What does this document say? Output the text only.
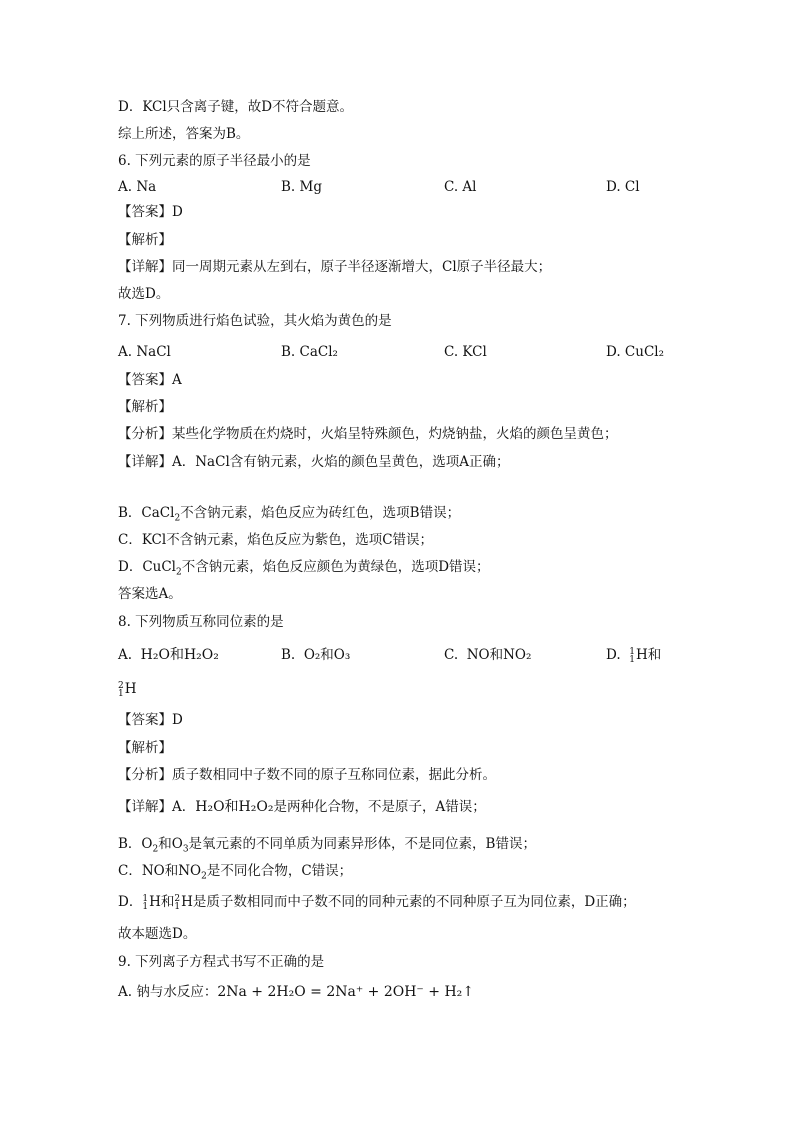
D．KCl只含离子键，故D不符合题意。
综上所述，答案为B。
6. 下列元素的原子半径最小的是
A. Na	B. Mg	C. Al	D. Cl
【答案】D
【解析】
【详解】同一周期元素从左到右，原子半径逐渐增大，Cl原子半径最大；
故选D。
7. 下列物质进行焰色试验，其火焰为黄色的是
A. NaCl	B. CaCl₂	C. KCl	D. CuCl₂
【答案】A
【解析】
【分析】某些化学物质在灼烧时，火焰呈特殊颜色，灼烧钠盐，火焰的颜色呈黄色；
【详解】A．NaCl含有钠元素，火焰的颜色呈黄色，选项A正确；
B．CaCl$_2$不含钠元素，焰色反应为砖红色，选项B错误；
C．KCl不含钠元素，焰色反应为紫色，选项C错误；
D．CuCl$_2$不含钠元素，焰色反应颜色为黄绿色，选项D错误；
答案选A。
8. 下列物质互称同位素的是
A. H₂O和H₂O₂	B. O₂和O₃	C. NO和NO₂	D. 1
1 H和
2
1 H
【答案】D
【解析】
【分析】质子数相同中子数不同的原子互称同位素，据此分析。
【详解】A．H₂O和H₂O₂是两种化合物，不是原子，A错误；
B．$O_2$和$O_3$是氧元素的不同单质为同素异形体，不是同位素，B错误；
C．NO和$NO_2$是不同化合物，C错误；
D． 1
1 H和 2
1 H是质子数相同而中子数不同的同种元素的不同种原子互为同位素，D正确；
故本题选D。
9. 下列离子方程式书写不正确的是
A. 钠与水反应：2Na + 2H₂O = 2Na⁺ + 2OH⁻ + H₂↑
